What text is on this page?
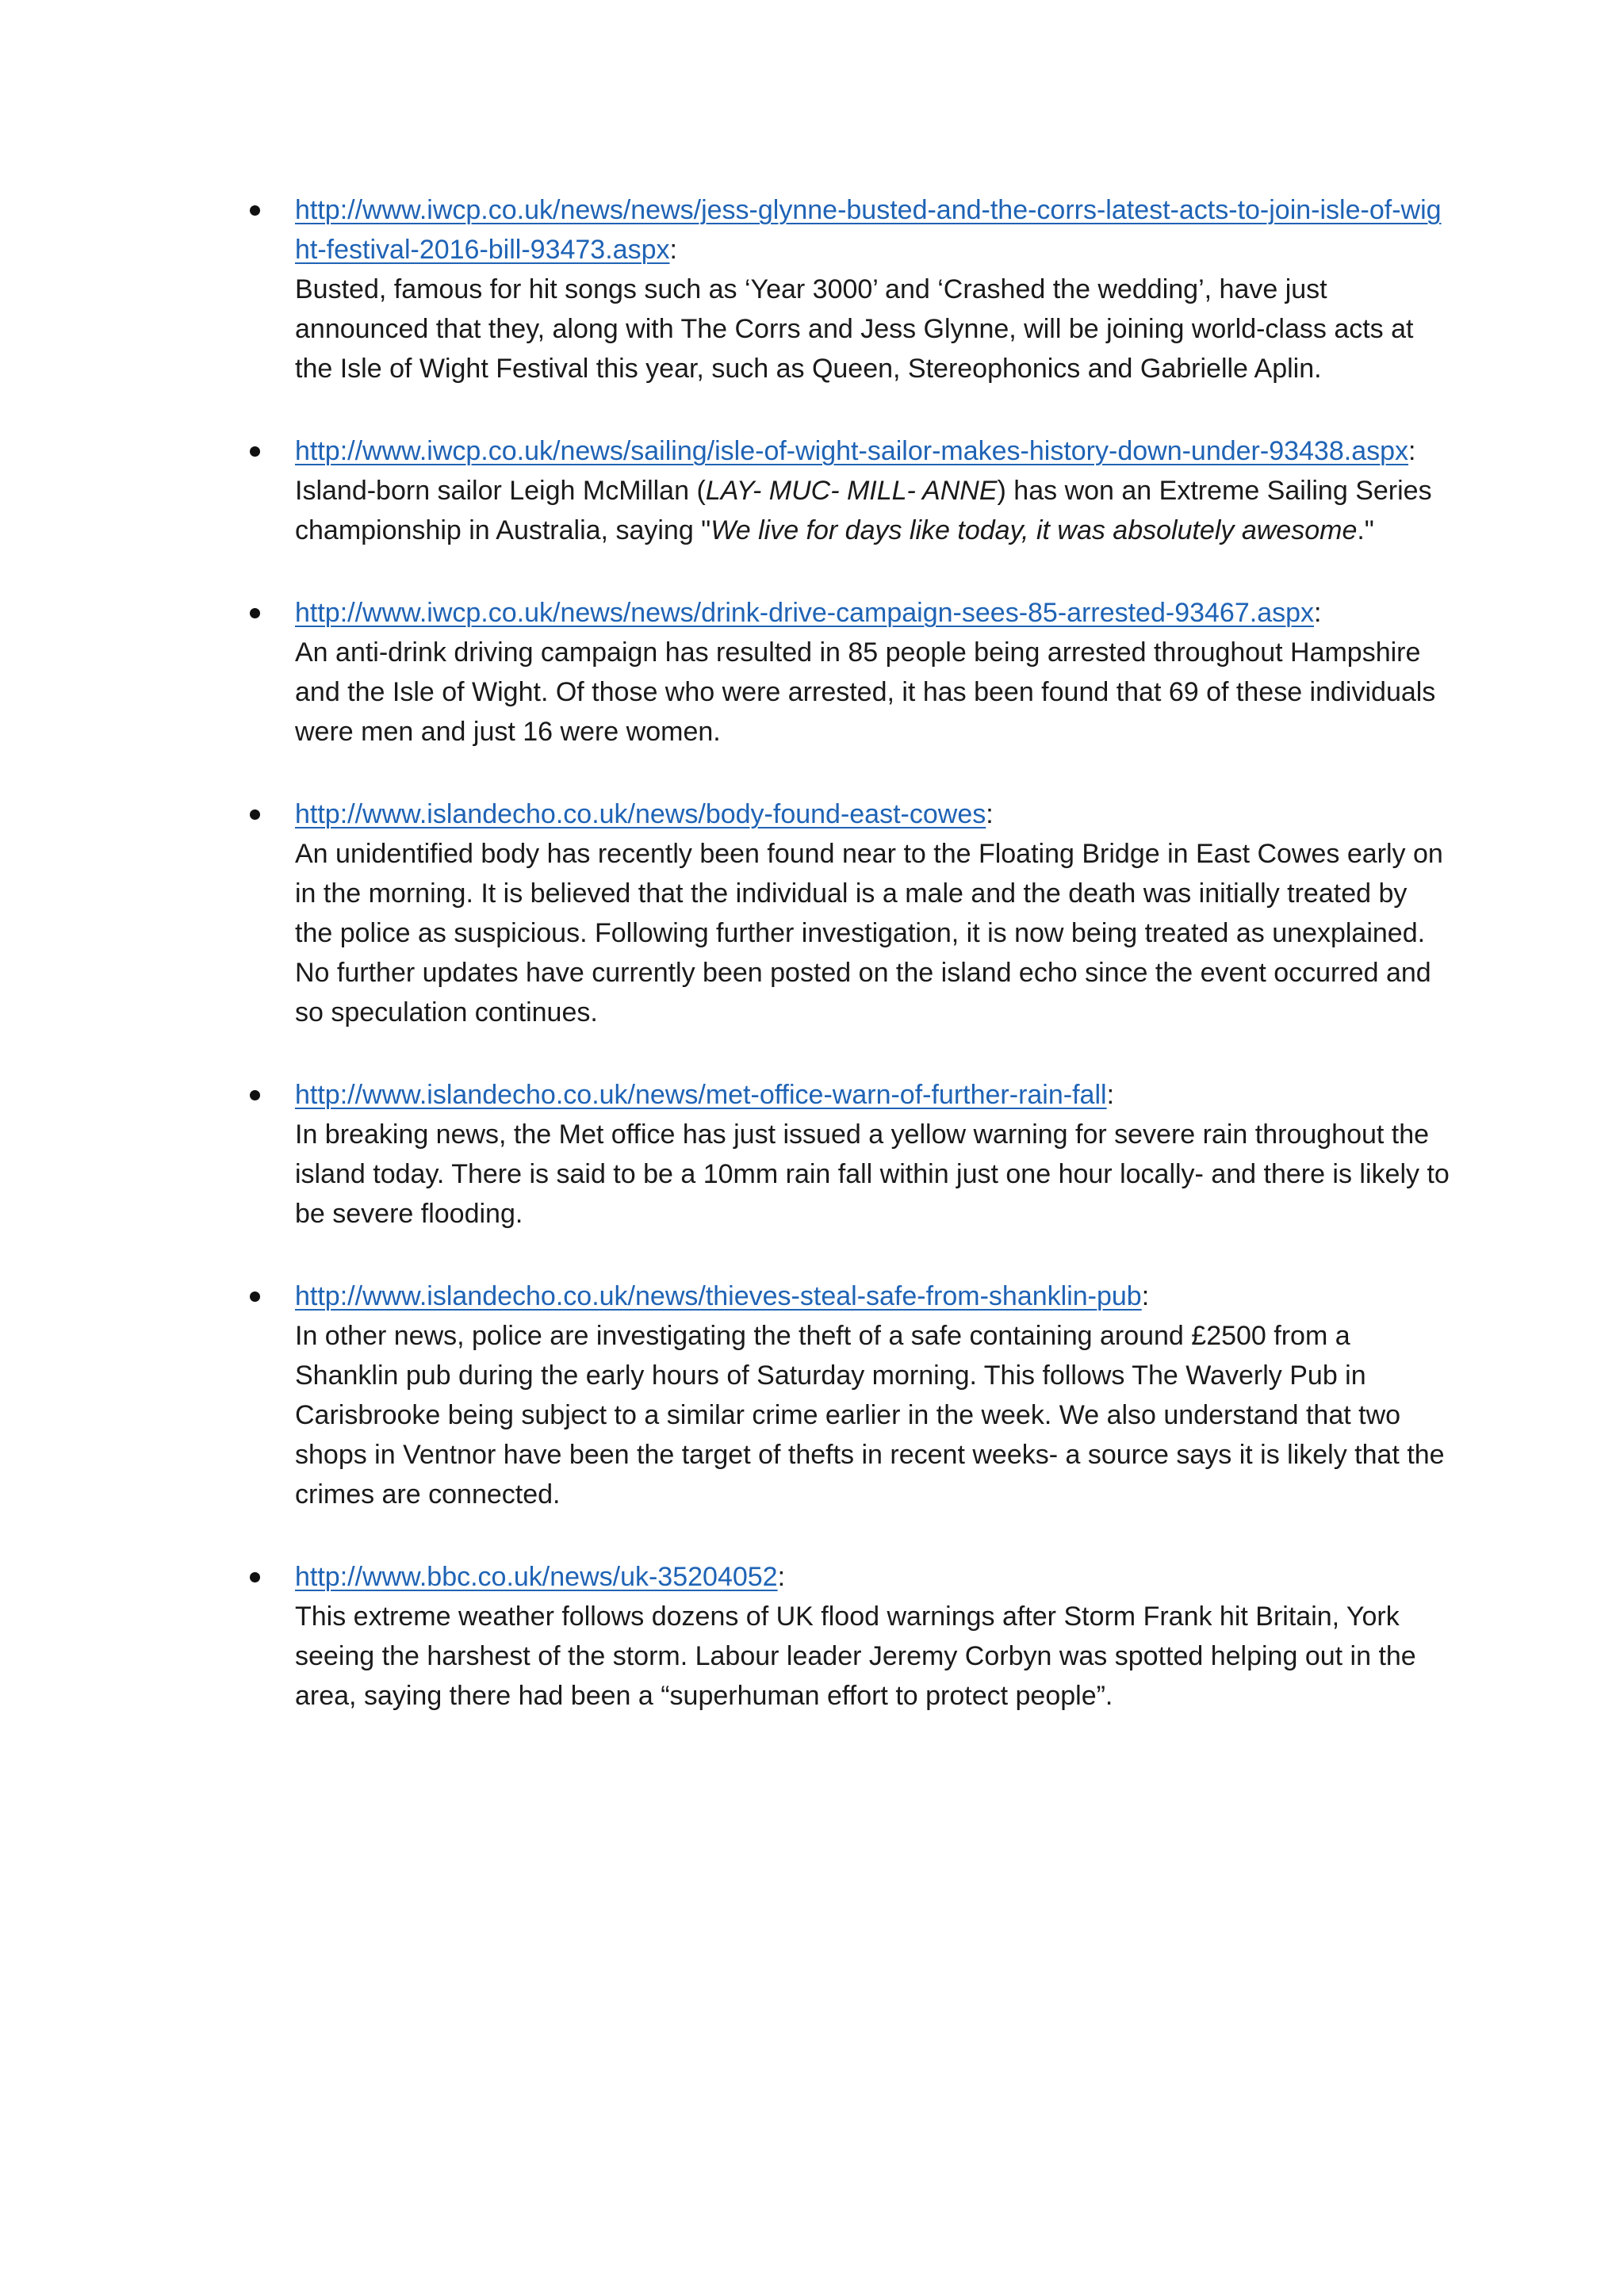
http://www.iwcp.co.uk/news/news/jess-glynne-busted-and-the-corrs-latest-acts-to-join-isle-of-wight-festival-2016-bill-93473.aspx:
Busted, famous for hit songs such as ‘Year 3000’ and ‘Crashed the wedding’, have just announced that they, along with The Corrs and Jess Glynne, will be joining world-class acts at the Isle of Wight Festival this year, such as Queen, Stereophonics and Gabrielle Aplin.
http://www.iwcp.co.uk/news/sailing/isle-of-wight-sailor-makes-history-down-under-93438.aspx:
Island-born sailor Leigh McMillan (LAY- MUC- MILL- ANNE) has won an Extreme Sailing Series championship in Australia, saying "We live for days like today, it was absolutely awesome."
http://www.iwcp.co.uk/news/news/drink-drive-campaign-sees-85-arrested-93467.aspx:
An anti-drink driving campaign has resulted in 85 people being arrested throughout Hampshire and the Isle of Wight. Of those who were arrested, it has been found that 69 of these individuals were men and just 16 were women.
http://www.islandecho.co.uk/news/body-found-east-cowes:
An unidentified body has recently been found near to the Floating Bridge in East Cowes early on in the morning. It is believed that the individual is a male and the death was initially treated by the police as suspicious. Following further investigation, it is now being treated as unexplained. No further updates have currently been posted on the island echo since the event occurred and so speculation continues.
http://www.islandecho.co.uk/news/met-office-warn-of-further-rain-fall:
In breaking news, the Met office has just issued a yellow warning for severe rain throughout the island today. There is said to be a 10mm rain fall within just one hour locally- and there is likely to be severe flooding.
http://www.islandecho.co.uk/news/thieves-steal-safe-from-shanklin-pub:
In other news, police are investigating the theft of a safe containing around £2500 from a Shanklin pub during the early hours of Saturday morning. This follows The Waverly Pub in Carisbrooke being subject to a similar crime earlier in the week. We also understand that two shops in Ventnor have been the target of thefts in recent weeks- a source says it is likely that the crimes are connected.
http://www.bbc.co.uk/news/uk-35204052:
This extreme weather follows dozens of UK flood warnings after Storm Frank hit Britain, York seeing the harshest of the storm. Labour leader Jeremy Corbyn was spotted helping out in the area, saying there had been a “superhuman effort to protect people”.
